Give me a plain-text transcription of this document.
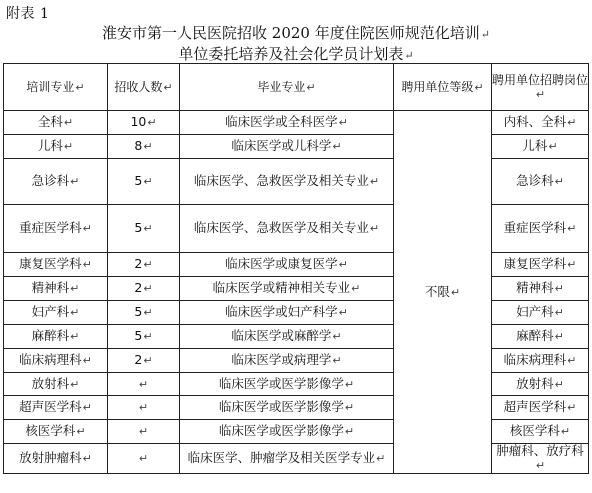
附表 1
淮安市第一人民医院招收 2020 年度住院医师规范化培训↵
单位委托培养及社会化学员计划表↵
培训专业↵	招收人数↵	毕业专业↵	聘用单位等级↵	聘用单位招聘岗位↵
全科↵	10↵	临床医学或全科医学↵	不限↵	内科、全科↵
儿科↵	8↵	临床医学或儿科学↵		儿科↵
急诊科↵	5↵	临床医学、急救医学及相关专业↵		急诊科↵
重症医学科↵	5↵	临床医学、急救医学及相关专业↵		重症医学科↵
康复医学科↵	2↵	临床医学或康复医学↵		康复医学科↵
精神科↵	2↵	临床医学或精神相关专业↵		精神科↵
妇产科↵	5↵	临床医学或妇产科学↵		妇产科↵
麻醉科↵	5↵	临床医学或麻醉学↵		麻醉科↵
临床病理科↵	2↵	临床医学或病理学↵		临床病理科↵
放射科↵	↵	临床医学或医学影像学↵		放射科↵
超声医学科↵	↵	临床医学或医学影像学↵		超声医学科↵
核医学科↵	↵	临床医学或医学影像学↵		核医学科↵
放射肿瘤科↵	↵	临床医学、肿瘤学及相关医学专业↵		肿瘤科、放疗科↵
